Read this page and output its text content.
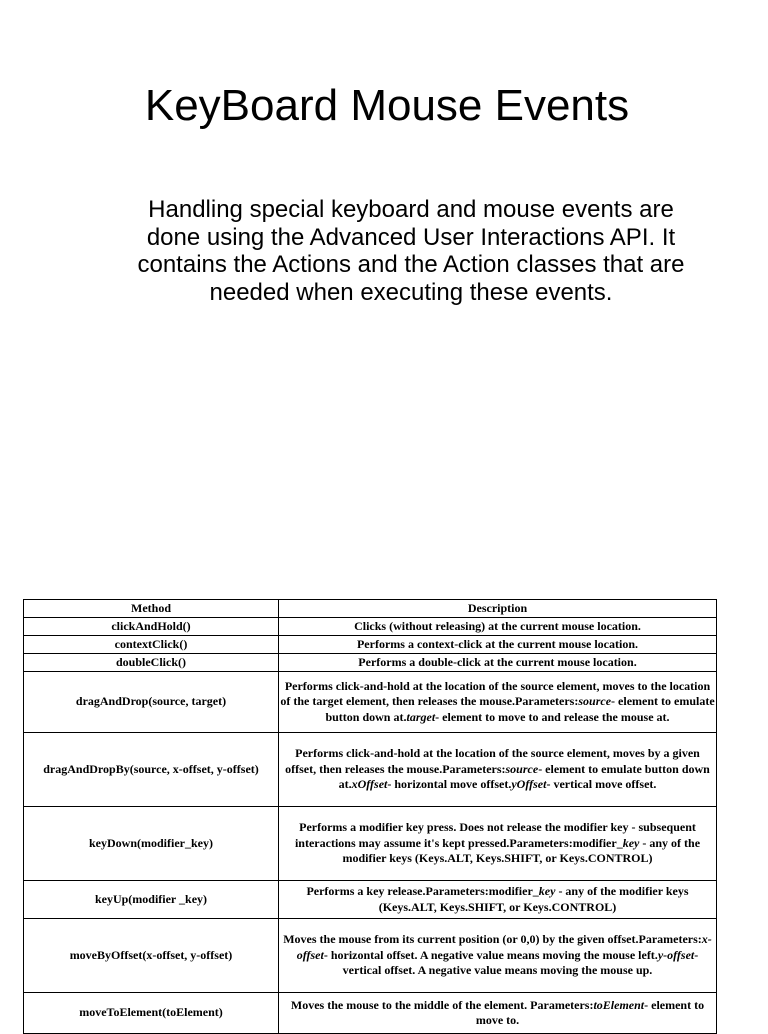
KeyBoard Mouse Events
Handling special keyboard and mouse events are done using the Advanced User Interactions API. It contains the Actions and the Action classes that are needed when executing these events.
Method	Description
clickAndHold()	Clicks (without releasing) at the current mouse location.
contextClick()	Performs a context-click at the current mouse location.
doubleClick()	Performs a double-click at the current mouse location.
dragAndDrop(source, target)	Performs click-and-hold at the location of the source element, moves to the location of the target element, then releases the mouse.Parameters:source- element to emulate button down at.target- element to move to and release the mouse at.
dragAndDropBy(source, x-offset, y-offset)	Performs click-and-hold at the location of the source element, moves by a given offset, then releases the mouse.Parameters:source- element to emulate button down at.xOffset- horizontal move offset.yOffset- vertical move offset.
keyDown(modifier_key)	Performs a modifier key press. Does not release the modifier key - subsequent interactions may assume it's kept pressed.Parameters:modifier_key - any of the modifier keys (Keys.ALT, Keys.SHIFT, or Keys.CONTROL)
keyUp(modifier _key)	Performs a key release.Parameters:modifier_key - any of the modifier keys (Keys.ALT, Keys.SHIFT, or Keys.CONTROL)
moveByOffset(x-offset, y-offset)	Moves the mouse from its current position (or 0,0) by the given offset.Parameters:x-offset- horizontal offset. A negative value means moving the mouse left.y-offset- vertical offset. A negative value means moving the mouse up.
moveToElement(toElement)	Moves the mouse to the middle of the element. Parameters:toElement- element to move to.
